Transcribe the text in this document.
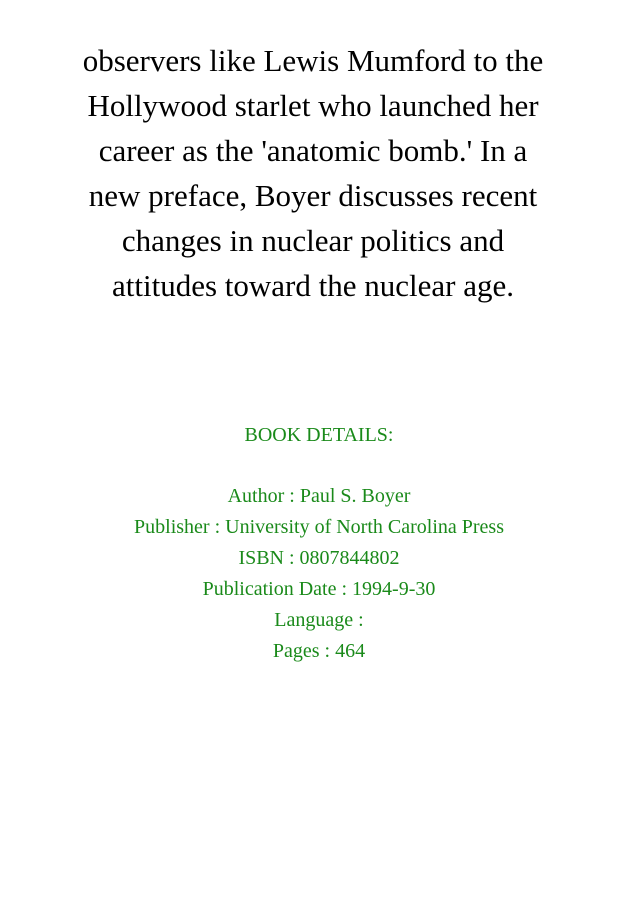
observers like Lewis Mumford to the
Hollywood starlet who launched her
career as the 'anatomic bomb.' In a
new preface, Boyer discusses recent
changes in nuclear politics and
attitudes toward the nuclear age.

BOOK DETAILS:
Author : Paul S. Boyer
Publisher : University of North Carolina Press
ISBN : 0807844802
Publication Date : 1994-9-30
Language :
Pages : 464
